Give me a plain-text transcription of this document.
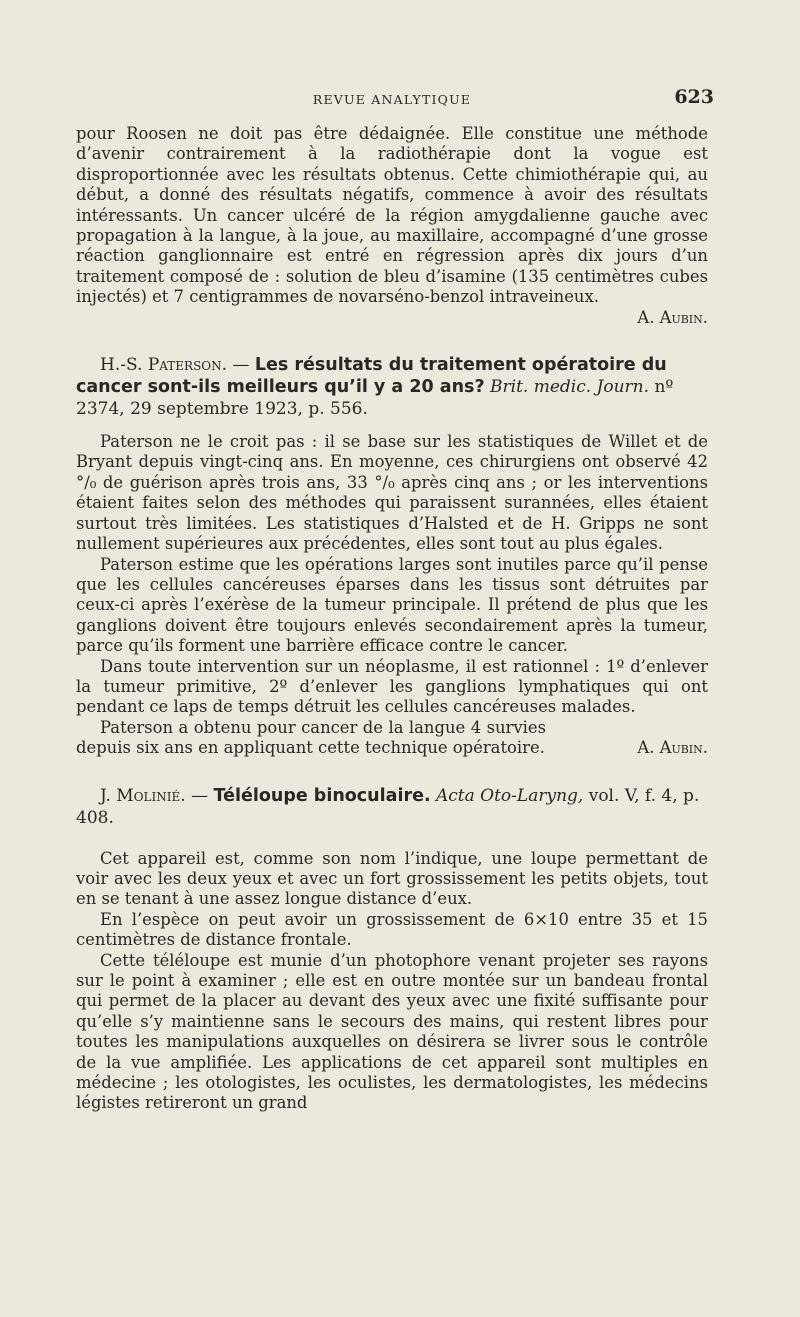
REVUE ANALYTIQUE	623

pour Roosen ne doit pas être dédaignée. Elle constitue une méthode d’avenir contrairement à la radiothérapie dont la vogue est disproportionnée avec les résultats obtenus. Cette chimiothérapie qui, au début, a donné des résultats négatifs, commence à avoir des résultats intéressants. Un cancer ulcéré de la région amygdalienne gauche avec propagation à la langue, à la joue, au maxillaire, accompagné d’une grosse réaction ganglionnaire est entré en régression après dix jours d’un traitement composé de : solution de bleu d’isamine (135 centimètres cubes injectés) et 7 centigrammes de novarséno-benzol intraveineux.

A. Aubin.

H.-S. Paterson. — Les résultats du traitement opératoire du cancer sont-ils meilleurs qu’il y a 20 ans? Brit. medic. Journ. nº 2374, 29 septembre 1923, p. 556.

Paterson ne le croit pas : il se base sur les statistiques de Willet et de Bryant depuis vingt-cinq ans. En moyenne, ces chirurgiens ont observé 42 °/₀ de guérison après trois ans, 33 °/₀ après cinq ans ; or les interventions étaient faites selon des méthodes qui paraissent surannées, elles étaient surtout très limitées. Les statistiques d’Halsted et de H. Gripps ne sont nullement supérieures aux précédentes, elles sont tout au plus égales.

Paterson estime que les opérations larges sont inutiles parce qu’il pense que les cellules cancéreuses éparses dans les tissus sont détruites par ceux-ci après l’exérèse de la tumeur principale. Il prétend de plus que les ganglions doivent être toujours enlevés secondairement après la tumeur, parce qu’ils forment une barrière efficace contre le cancer.

Dans toute intervention sur un néoplasme, il est rationnel : 1º d’enlever la tumeur primitive, 2º d’enlever les ganglions lymphatiques qui ont pendant ce laps de temps détruit les cellules cancéreuses malades.

Paterson a obtenu pour cancer de la langue 4 survies depuis six ans en appliquant cette technique opératoire.	A. Aubin.

J. Molinié. — Téléloupe binoculaire. Acta Oto-Laryng, vol. V, f. 4, p. 408.

Cet appareil est, comme son nom l’indique, une loupe permettant de voir avec les deux yeux et avec un fort grossissement les petits objets, tout en se tenant à une assez longue distance d’eux.

En l’espèce on peut avoir un grossissement de 6×10 entre 35 et 15 centimètres de distance frontale.

Cette téléloupe est munie d’un photophore venant projeter ses rayons sur le point à examiner ; elle est en outre montée sur un bandeau frontal qui permet de la placer au devant des yeux avec une fixité suffisante pour qu’elle s’y maintienne sans le secours des mains, qui restent libres pour toutes les manipulations auxquelles on désirera se livrer sous le contrôle de la vue amplifiée. Les applications de cet appareil sont multiples en médecine ; les otologistes, les oculistes, les dermatologistes, les médecins légistes retireront un grand
